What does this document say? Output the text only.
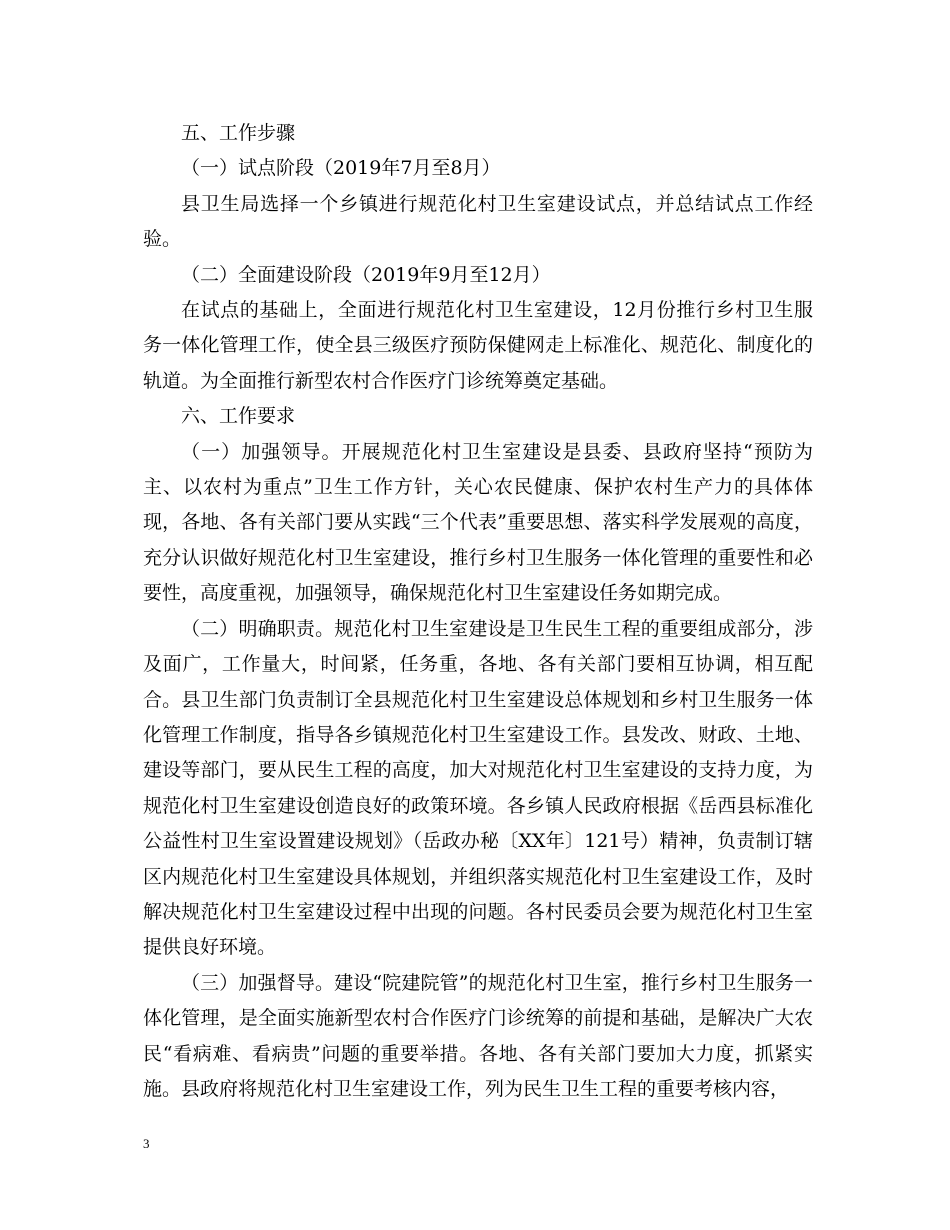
五、工作步骤

（一）试点阶段（2019年7月至8月）

县卫生局选择一个乡镇进行规范化村卫生室建设试点，并总结试点工作经验。

（二）全面建设阶段（2019年9月至12月）

在试点的基础上，全面进行规范化村卫生室建设，12月份推行乡村卫生服务一体化管理工作，使全县三级医疗预防保健网走上标准化、规范化、制度化的轨道。为全面推行新型农村合作医疗门诊统筹奠定基础。

六、工作要求

（一）加强领导。开展规范化村卫生室建设是县委、县政府坚持“预防为主、以农村为重点”卫生工作方针，关心农民健康、保护农村生产力的具体体现，各地、各有关部门要从实践“三个代表”重要思想、落实科学发展观的高度，充分认识做好规范化村卫生室建设，推行乡村卫生服务一体化管理的重要性和必要性，高度重视，加强领导，确保规范化村卫生室建设任务如期完成。

（二）明确职责。规范化村卫生室建设是卫生民生工程的重要组成部分，涉及面广，工作量大，时间紧，任务重，各地、各有关部门要相互协调，相互配合。县卫生部门负责制订全县规范化村卫生室建设总体规划和乡村卫生服务一体化管理工作制度，指导各乡镇规范化村卫生室建设工作。县发改、财政、土地、建设等部门，要从民生工程的高度，加大对规范化村卫生室建设的支持力度，为规范化村卫生室建设创造良好的政策环境。各乡镇人民政府根据《岳西县标准化公益性村卫生室设置建设规划》（岳政办秘〔XX年〕121号）精神，负责制订辖区内规范化村卫生室建设具体规划，并组织落实规范化村卫生室建设工作，及时解决规范化村卫生室建设过程中出现的问题。各村民委员会要为规范化村卫生室提供良好环境。

（三）加强督导。建设“院建院管”的规范化村卫生室，推行乡村卫生服务一体化管理，是全面实施新型农村合作医疗门诊统筹的前提和基础，是解决广大农民“看病难、看病贵”问题的重要举措。各地、各有关部门要加大力度，抓紧实施。县政府将规范化村卫生室建设工作，列为民生卫生工程的重要考核内容，

3
